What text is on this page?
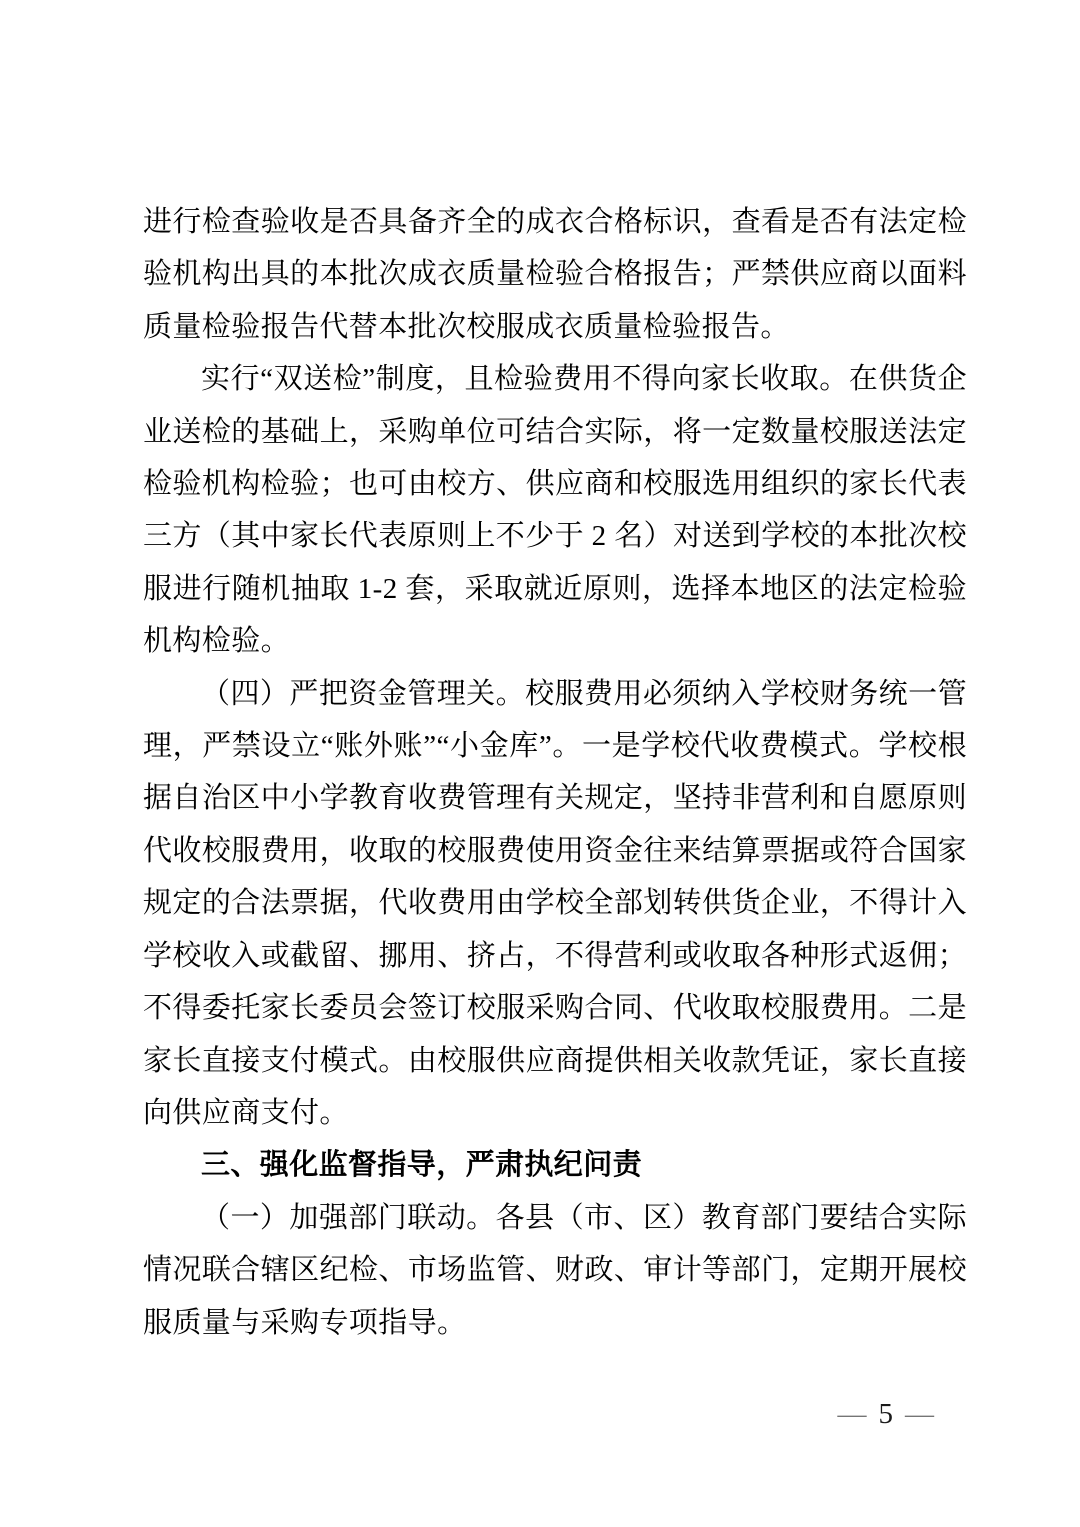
进行检查验收是否具备齐全的成衣合格标识，查看是否有法定检验机构出具的本批次成衣质量检验合格报告；严禁供应商以面料质量检验报告代替本批次校服成衣质量检验报告。

实行“双送检”制度，且检验费用不得向家长收取。在供货企业送检的基础上，采购单位可结合实际，将一定数量校服送法定检验机构检验；也可由校方、供应商和校服选用组织的家长代表三方（其中家长代表原则上不少于 2 名）对送到学校的本批次校服进行随机抽取 1-2 套，采取就近原则，选择本地区的法定检验机构检验。

（四）严把资金管理关。校服费用必须纳入学校财务统一管理，严禁设立“账外账”“小金库”。一是学校代收费模式。学校根据自治区中小学教育收费管理有关规定，坚持非营利和自愿原则代收校服费用，收取的校服费使用资金往来结算票据或符合国家规定的合法票据，代收费用由学校全部划转供货企业，不得计入学校收入或截留、挪用、挤占，不得营利或收取各种形式返佣；不得委托家长委员会签订校服采购合同、代收取校服费用。二是家长直接支付模式。由校服供应商提供相关收款凭证，家长直接向供应商支付。

三、强化监督指导，严肃执纪问责

（一）加强部门联动。各县（市、区）教育部门要结合实际情况联合辖区纪检、市场监管、财政、审计等部门，定期开展校服质量与采购专项指导。

— 5 —
